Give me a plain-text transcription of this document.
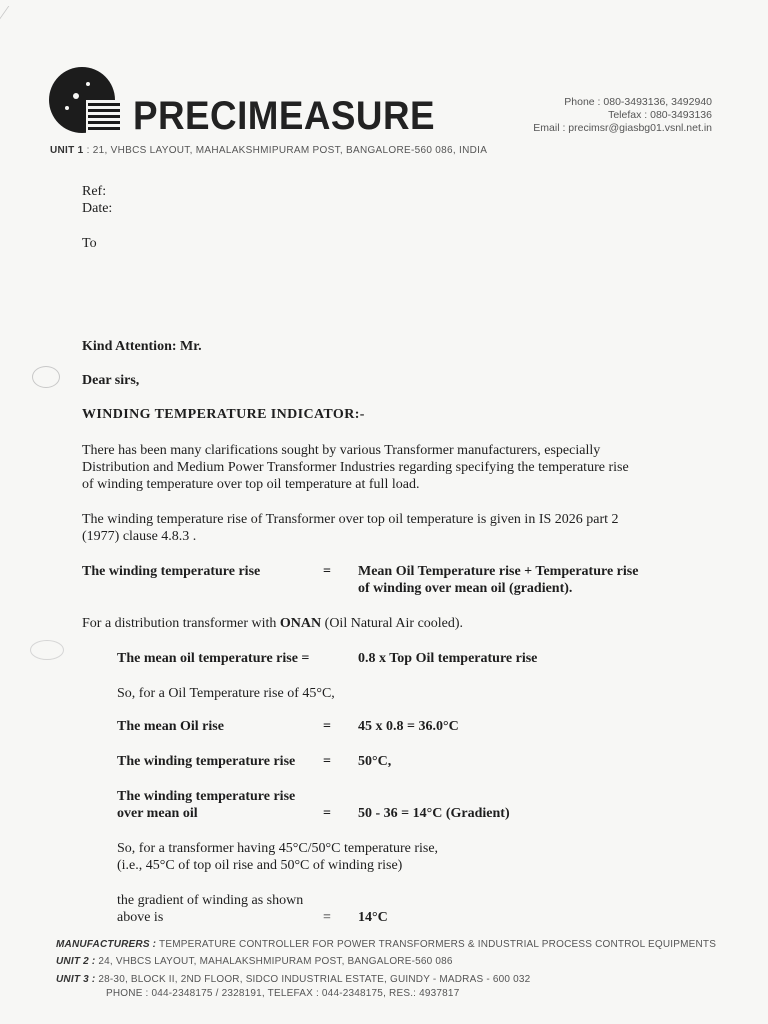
PRECIMEASURE	Phone : 080-3493136, 3492940
Telefax : 080-3493136
Email : precimsr@giasbg01.vsnl.net.in
UNIT 1 : 21, VHBCS LAYOUT, MAHALAKSHMIPURAM POST, BANGALORE-560 086, INDIA
Ref:
Date:
To
Kind Attention: Mr.
Dear sirs,
WINDING TEMPERATURE INDICATOR:-
There has been many clarifications sought by various Transformer manufacturers, especially
Distribution and Medium Power Transformer Industries regarding specifying the temperature rise
of winding temperature over top oil temperature at full load.
The winding temperature rise of Transformer over top oil temperature is given in IS 2026 part 2
(1977) clause 4.8.3 .
The winding temperature rise	= Mean Oil Temperature rise + Temperature rise
of winding over mean oil (gradient).
For a distribution transformer with ONAN (Oil Natural Air cooled).
The mean oil temperature rise =	0.8 x Top Oil temperature rise
So, for a Oil Temperature rise of 45°C,
The mean Oil rise	= 45 x 0.8 = 36.0°C
The winding temperature rise = 50°C,
The winding temperature rise
over mean oil	= 50 - 36 = 14°C (Gradient)
So, for a transformer having 45°C/50°C temperature rise,
(i.e., 45°C of top oil rise and 50°C of winding rise)
the gradient of winding as shown
above is	= 14°C
MANUFACTURERS : TEMPERATURE CONTROLLER FOR POWER TRANSFORMERS & INDUSTRIAL PROCESS CONTROL EQUIPMENTS
UNIT 2 : 24, VHBCS LAYOUT, MAHALAKSHMIPURAM POST, BANGALORE-560 086
UNIT 3 : 28-30, BLOCK II, 2ND FLOOR, SIDCO INDUSTRIAL ESTATE, GUINDY - MADRAS - 600 032
PHONE : 044-2348175 / 2328191, TELEFAX : 044-2348175, RES.: 4937817
